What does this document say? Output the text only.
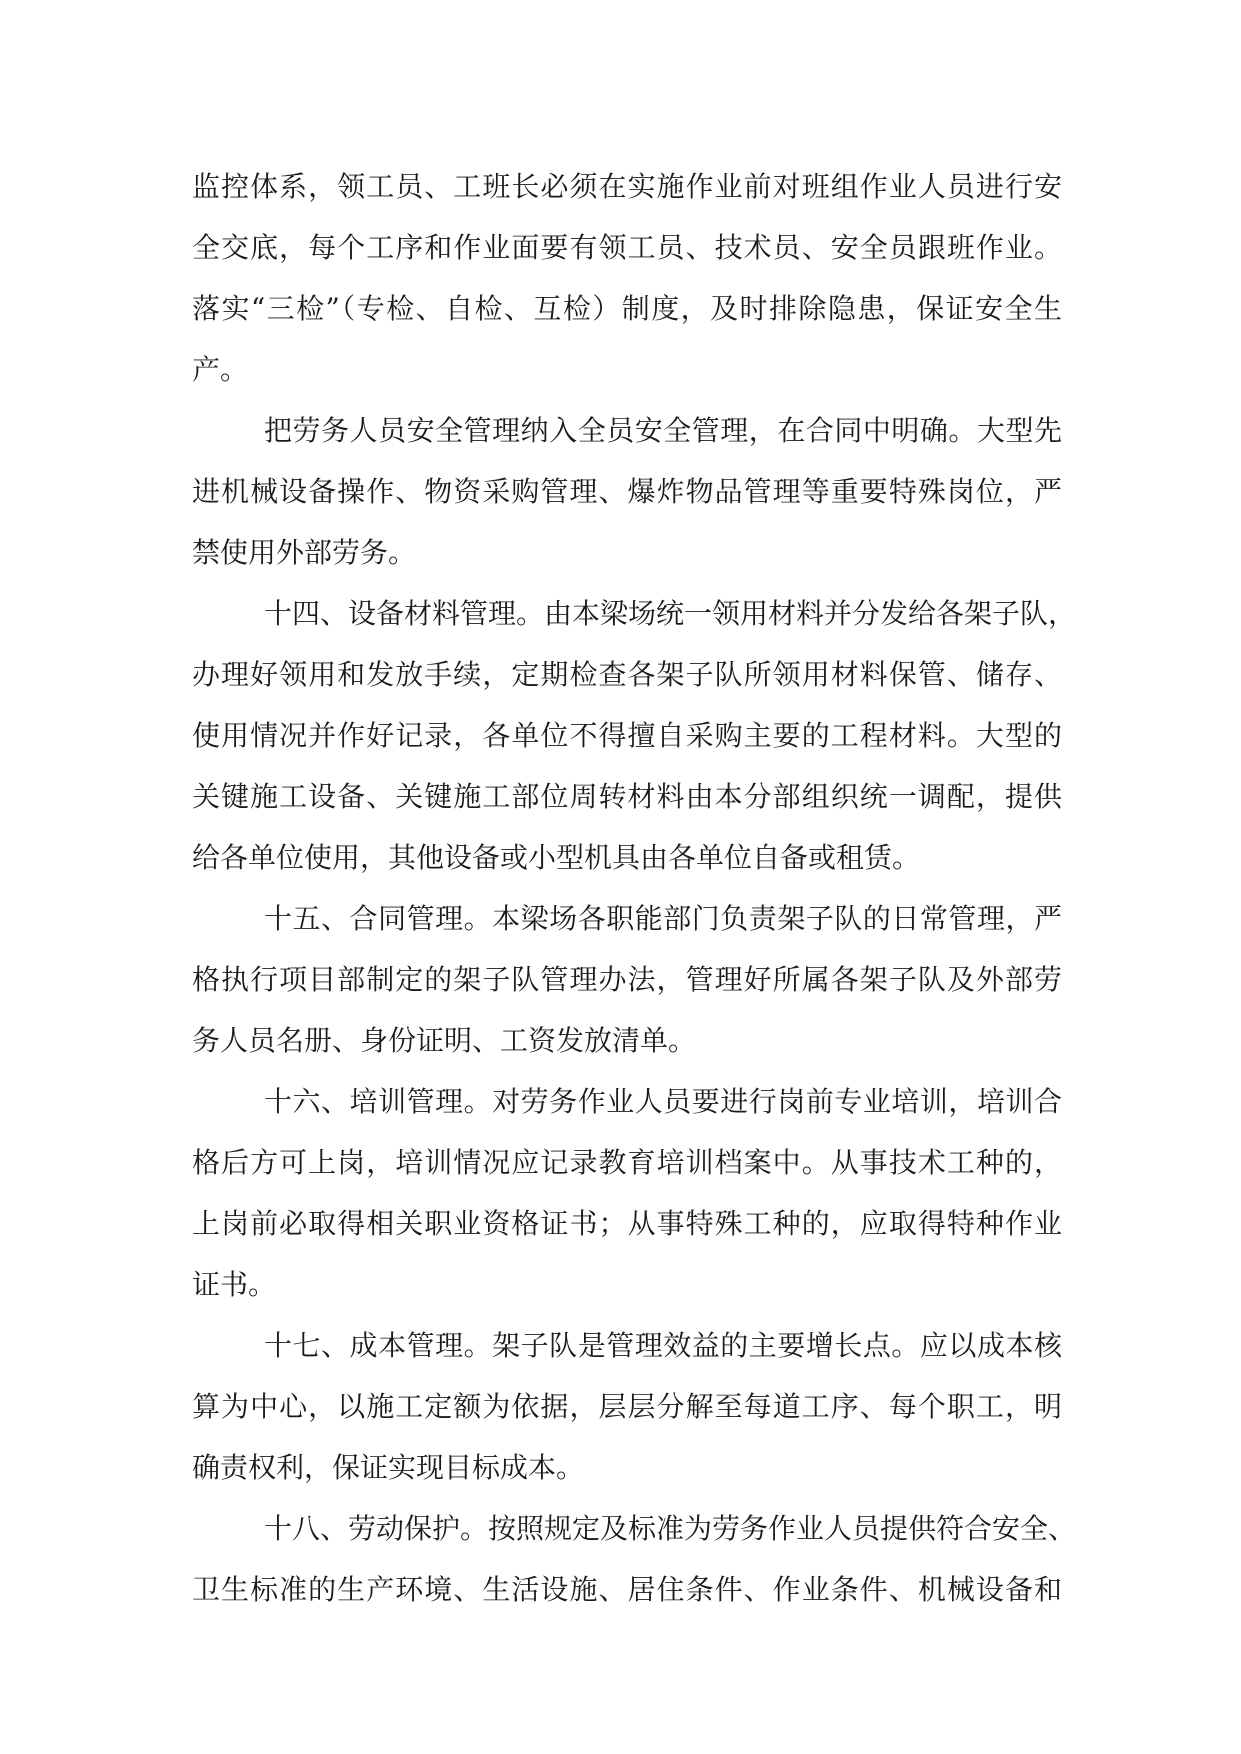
监控体系，领工员、工班长必须在实施作业前对班组作业人员进行安
全交底，每个工序和作业面要有领工员、技术员、安全员跟班作业。
落实“三检”（专检、自检、互检）制度，及时排除隐患，保证安全生
产。
把劳务人员安全管理纳入全员安全管理，在合同中明确。大型先
进机械设备操作、物资采购管理、爆炸物品管理等重要特殊岗位，严
禁使用外部劳务。
十四、设备材料管理。由本梁场统一领用材料并分发给各架子队，
办理好领用和发放手续，定期检查各架子队所领用材料保管、储存、
使用情况并作好记录，各单位不得擅自采购主要的工程材料。大型的
关键施工设备、关键施工部位周转材料由本分部组织统一调配，提供
给各单位使用，其他设备或小型机具由各单位自备或租赁。
十五、合同管理。本梁场各职能部门负责架子队的日常管理，严
格执行项目部制定的架子队管理办法，管理好所属各架子队及外部劳
务人员名册、身份证明、工资发放清单。
十六、培训管理。对劳务作业人员要进行岗前专业培训，培训合
格后方可上岗，培训情况应记录教育培训档案中。从事技术工种的，
上岗前必取得相关职业资格证书；从事特殊工种的，应取得特种作业
证书。
十七、成本管理。架子队是管理效益的主要增长点。应以成本核
算为中心，以施工定额为依据，层层分解至每道工序、每个职工，明
确责权利，保证实现目标成本。
十八、劳动保护。按照规定及标准为劳务作业人员提供符合安全、
卫生标准的生产环境、生活设施、居住条件、作业条件、机械设备和
